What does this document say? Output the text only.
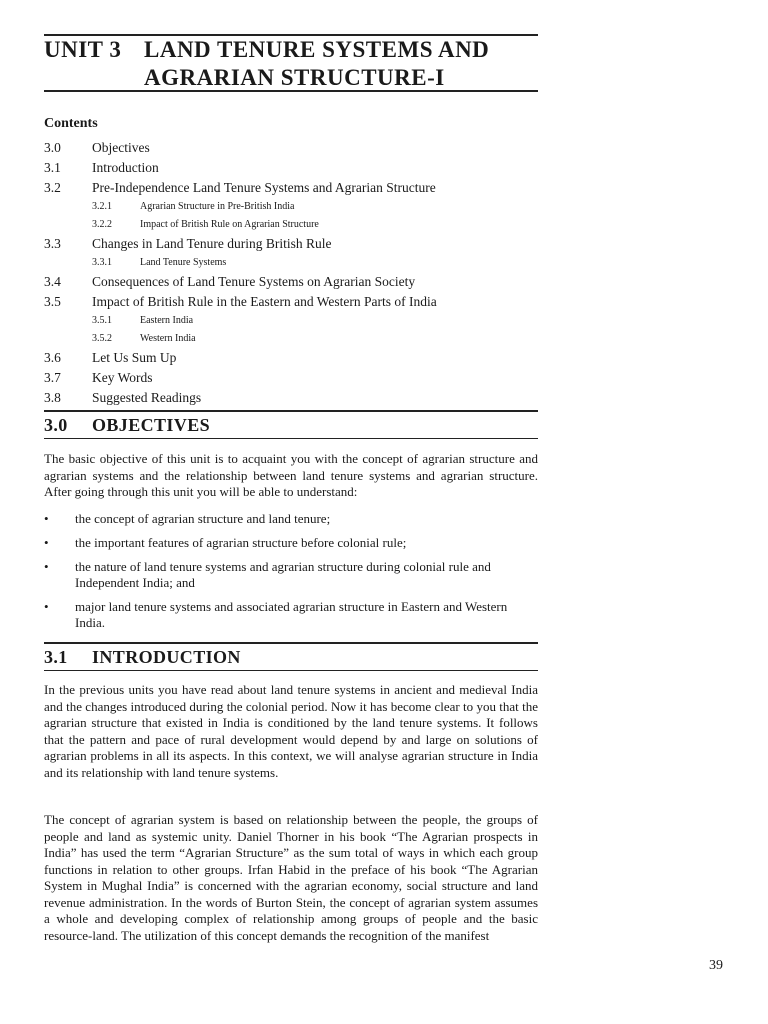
UNIT 3 LAND TENURE SYSTEMS AND
AGRARIAN STRUCTURE-I
Contents
3.0	Objectives
3.1	Introduction
3.2	Pre-Independence Land Tenure Systems and Agrarian Structure
3.2.1	Agrarian Structure in Pre-British India
3.2.2	Impact of British Rule on Agrarian Structure
3.3	Changes in Land Tenure during British Rule
3.3.1	Land Tenure Systems
3.4	Consequences of Land Tenure Systems on Agrarian Society
3.5	Impact of British Rule in the Eastern and Western Parts of India
3.5.1	Eastern India
3.5.2	Western India
3.6	Let Us Sum Up
3.7	Key Words
3.8	Suggested Readings
3.0 OBJECTIVES

The basic objective of this unit is to acquaint you with the concept of agrarian structure and agrarian systems and the relationship between land tenure systems and agrarian structure. After going through this unit you will be able to understand:

• the concept of agrarian structure and land tenure;
• the important features of agrarian structure before colonial rule;
• the nature of land tenure systems and agrarian structure during colonial rule and Independent India; and
• major land tenure systems and associated agrarian structure in Eastern and Western India.
3.1 INTRODUCTION

In the previous units you have read about land tenure systems in ancient and medieval India and the changes introduced during the colonial period. Now it has become clear to you that the agrarian structure that existed in India is conditioned by the land tenure systems. It follows that the pattern and pace of rural development would depend by and large on solutions of agrarian problems in all its aspects. In this context, we will analyse agrarian structure in India and its relationship with land tenure systems.

The concept of agrarian system is based on relationship between the people, the groups of people and land as systemic unity. Daniel Thorner in his book “The Agrarian prospects in India” has used the term “Agrarian Structure” as the sum total of ways in which each group functions in relation to other groups. Irfan Habid in the preface of his book “The Agrarian System in Mughal India” is concerned with the agrarian economy, social structure and land revenue administration. In the words of Burton Stein, the concept of agrarian system assumes a whole and developing complex of relationship among groups of people and the basic resource-land. The utilization of this concept demands the recognition of the manifest

39
